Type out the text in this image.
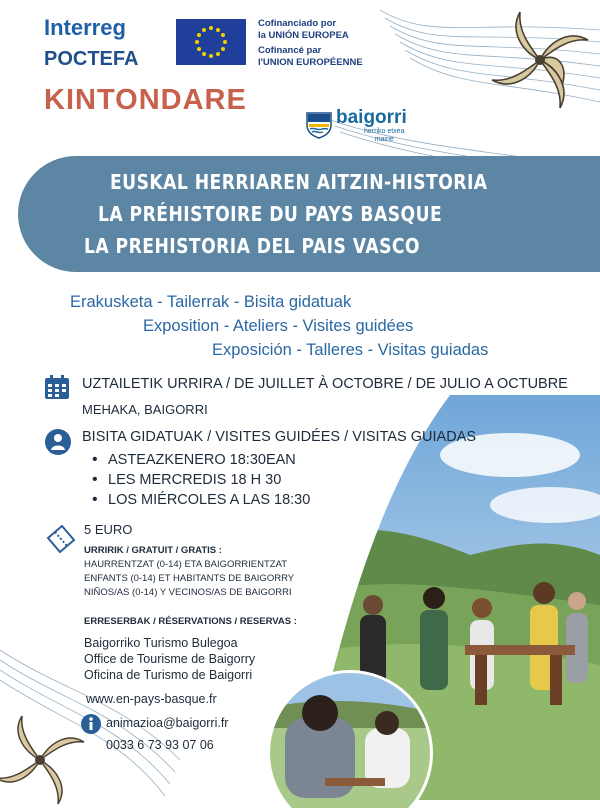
Interreg
POCTEFA
Cofinanciado por
la UNIÓN EUROPEA
Cofinancé par
l'UNION EUROPÉENNE
KINTONDARE
baigorri
herriko etxea
mairie
EUSKAL HERRIAREN AITZIN-HISTORIA
LA PRÉHISTOIRE DU PAYS BASQUE
LA PREHISTORIA DEL PAIS VASCO
Erakusketa - Tailerrak - Bisita gidatuak
Exposition - Ateliers - Visites guidées
Exposición - Talleres - Visitas guiadas
UZTAILETIK URRIRA / DE JUILLET À OCTOBRE / DE JULIO A OCTUBRE
MEHAKA, BAIGORRI
BISITA GIDATUAK / VISITES GUIDÉES / VISITAS GUIADAS
• ASTEAZKENERO 18:30EAN
• LES MERCREDIS 18 H 30
• LOS MIÉRCOLES A LAS 18:30
5 EURO
URRIRIK / GRATUIT / GRATIS :
HAURRENTZAT (0-14) ETA BAIGORRIENTZAT
ENFANTS (0-14) ET HABITANTS DE BAIGORRY
NIÑOS/AS (0-14) Y VECINOS/AS DE BAIGORRI
ERRESERBAK / RÉSERVATIONS / RESERVAS :
Baigorriko Turismo Bulegoa
Office de Tourisme de Baigorry
Oficina de Turismo de Baigorri
www.en-pays-basque.fr
animazioa@baigorri.fr
0033 6 73 93 07 06
